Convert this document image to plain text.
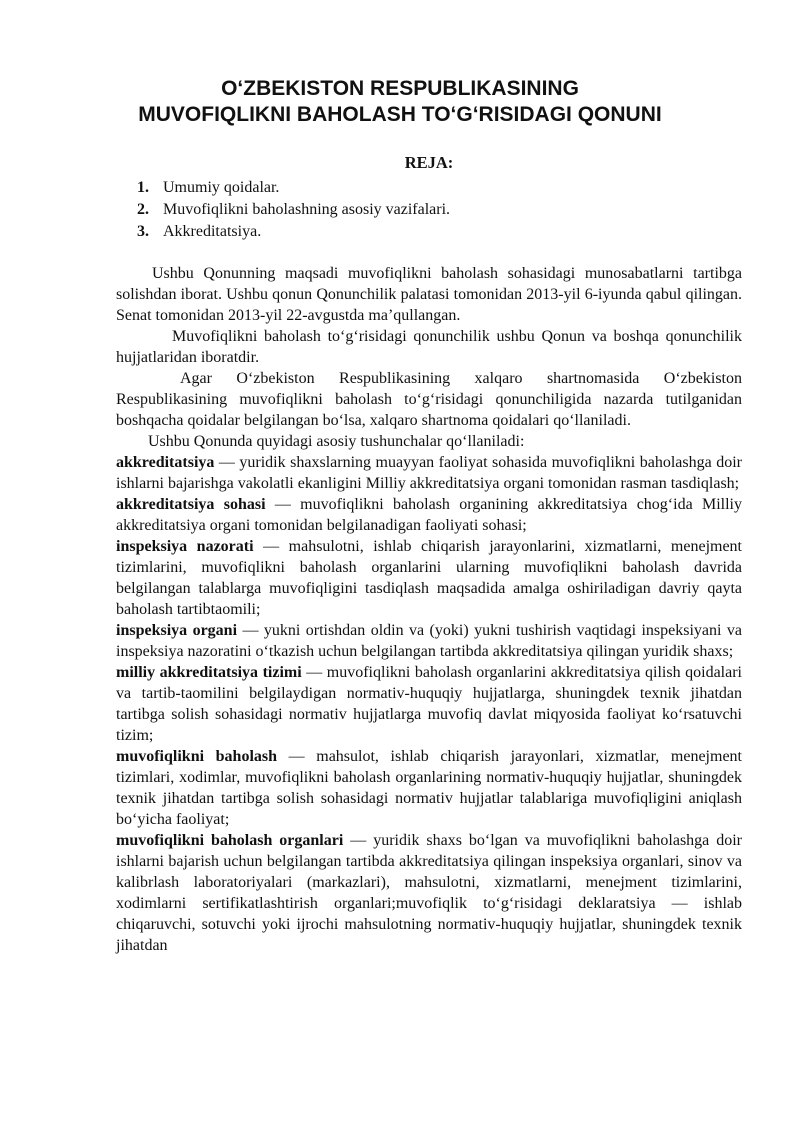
O‘ZBEKISTON RESPUBLIKASINING
MUVOFIQLIKNI BAHOLASH TO‘G‘RISIDAGI QONUNI
REJA:
1. Umumiy qoidalar.
2. Muvofiqlikni baholashning asosiy vazifalari.
3. Akkreditatsiya.

Ushbu Qonunning maqsadi muvofiqlikni baholash sohasidagi munosabatlarni tartibga solishdan iborat. Ushbu qonun Qonunchilik palatasi tomonidan 2013-yil 6-iyunda qabul qilingan. Senat tomonidan 2013-yil 22-avgustda ma’qullangan.

Muvofiqlikni baholash to‘g‘risidagi qonunchilik ushbu Qonun va boshqa qonunchilik hujjatlaridan iboratdir.

Agar O‘zbekiston Respublikasining xalqaro shartnomasida O‘zbekiston Respublikasining muvofiqlikni baholash to‘g‘risidagi qonunchiligida nazarda tutilganidan boshqacha qoidalar belgilangan bo‘lsa, xalqaro shartnoma qoidalari qo‘llaniladi.

Ushbu Qonunda quyidagi asosiy tushunchalar qo‘llaniladi:

akkreditatsiya — yuridik shaxslarning muayyan faoliyat sohasida muvofiqlikni baholashga doir ishlarni bajarishga vakolatli ekanligini Milliy akkreditatsiya organi tomonidan rasman tasdiqlash;

akkreditatsiya sohasi — muvofiqlikni baholash organining akkreditatsiya chog‘ida Milliy akkreditatsiya organi tomonidan belgilanadigan faoliyati sohasi;

inspeksiya nazorati — mahsulotni, ishlab chiqarish jarayonlarini, xizmatlarni, menejment tizimlarini, muvofiqlikni baholash organlarini ularning muvofiqlikni baholash davrida belgilangan talablarga muvofiqligini tasdiqlash maqsadida amalga oshiriladigan davriy qayta baholash tartibtaomili;

inspeksiya organi — yukni ortishdan oldin va (yoki) yukni tushirish vaqtidagi inspeksiyani va inspeksiya nazoratini o‘tkazish uchun belgilangan tartibda akkreditatsiya qilingan yuridik shaxs;

milliy akkreditatsiya tizimi — muvofiqlikni baholash organlarini akkreditatsiya qilish qoidalari va tartib-taomilini belgilaydigan normativ-huquqiy hujjatlarga, shuningdek texnik jihatdan tartibga solish sohasidagi normativ hujjatlarga muvofiq davlat miqyosida faoliyat ko‘rsatuvchi tizim;

muvofiqlikni baholash — mahsulot, ishlab chiqarish jarayonlari, xizmatlar, menejment tizimlari, xodimlar, muvofiqlikni baholash organlarining normativ-huquqiy hujjatlar, shuningdek texnik jihatdan tartibga solish sohasidagi normativ hujjatlar talablariga muvofiqligini aniqlash bo‘yicha faoliyat;

muvofiqlikni baholash organlari — yuridik shaxs bo‘lgan va muvofiqlikni baholashga doir ishlarni bajarish uchun belgilangan tartibda akkreditatsiya qilingan inspeksiya organlari, sinov va kalibrlash laboratoriyalari (markazlari), mahsulotni, xizmatlarni, menejment tizimlarini, xodimlarni sertifikatlashtirish organlari;muvofiqlik to‘g‘risidagi deklaratsiya — ishlab chiqaruvchi, sotuvchi yoki ijrochi mahsulotning normativ-huquqiy hujjatlar, shuningdek texnik jihatdan
